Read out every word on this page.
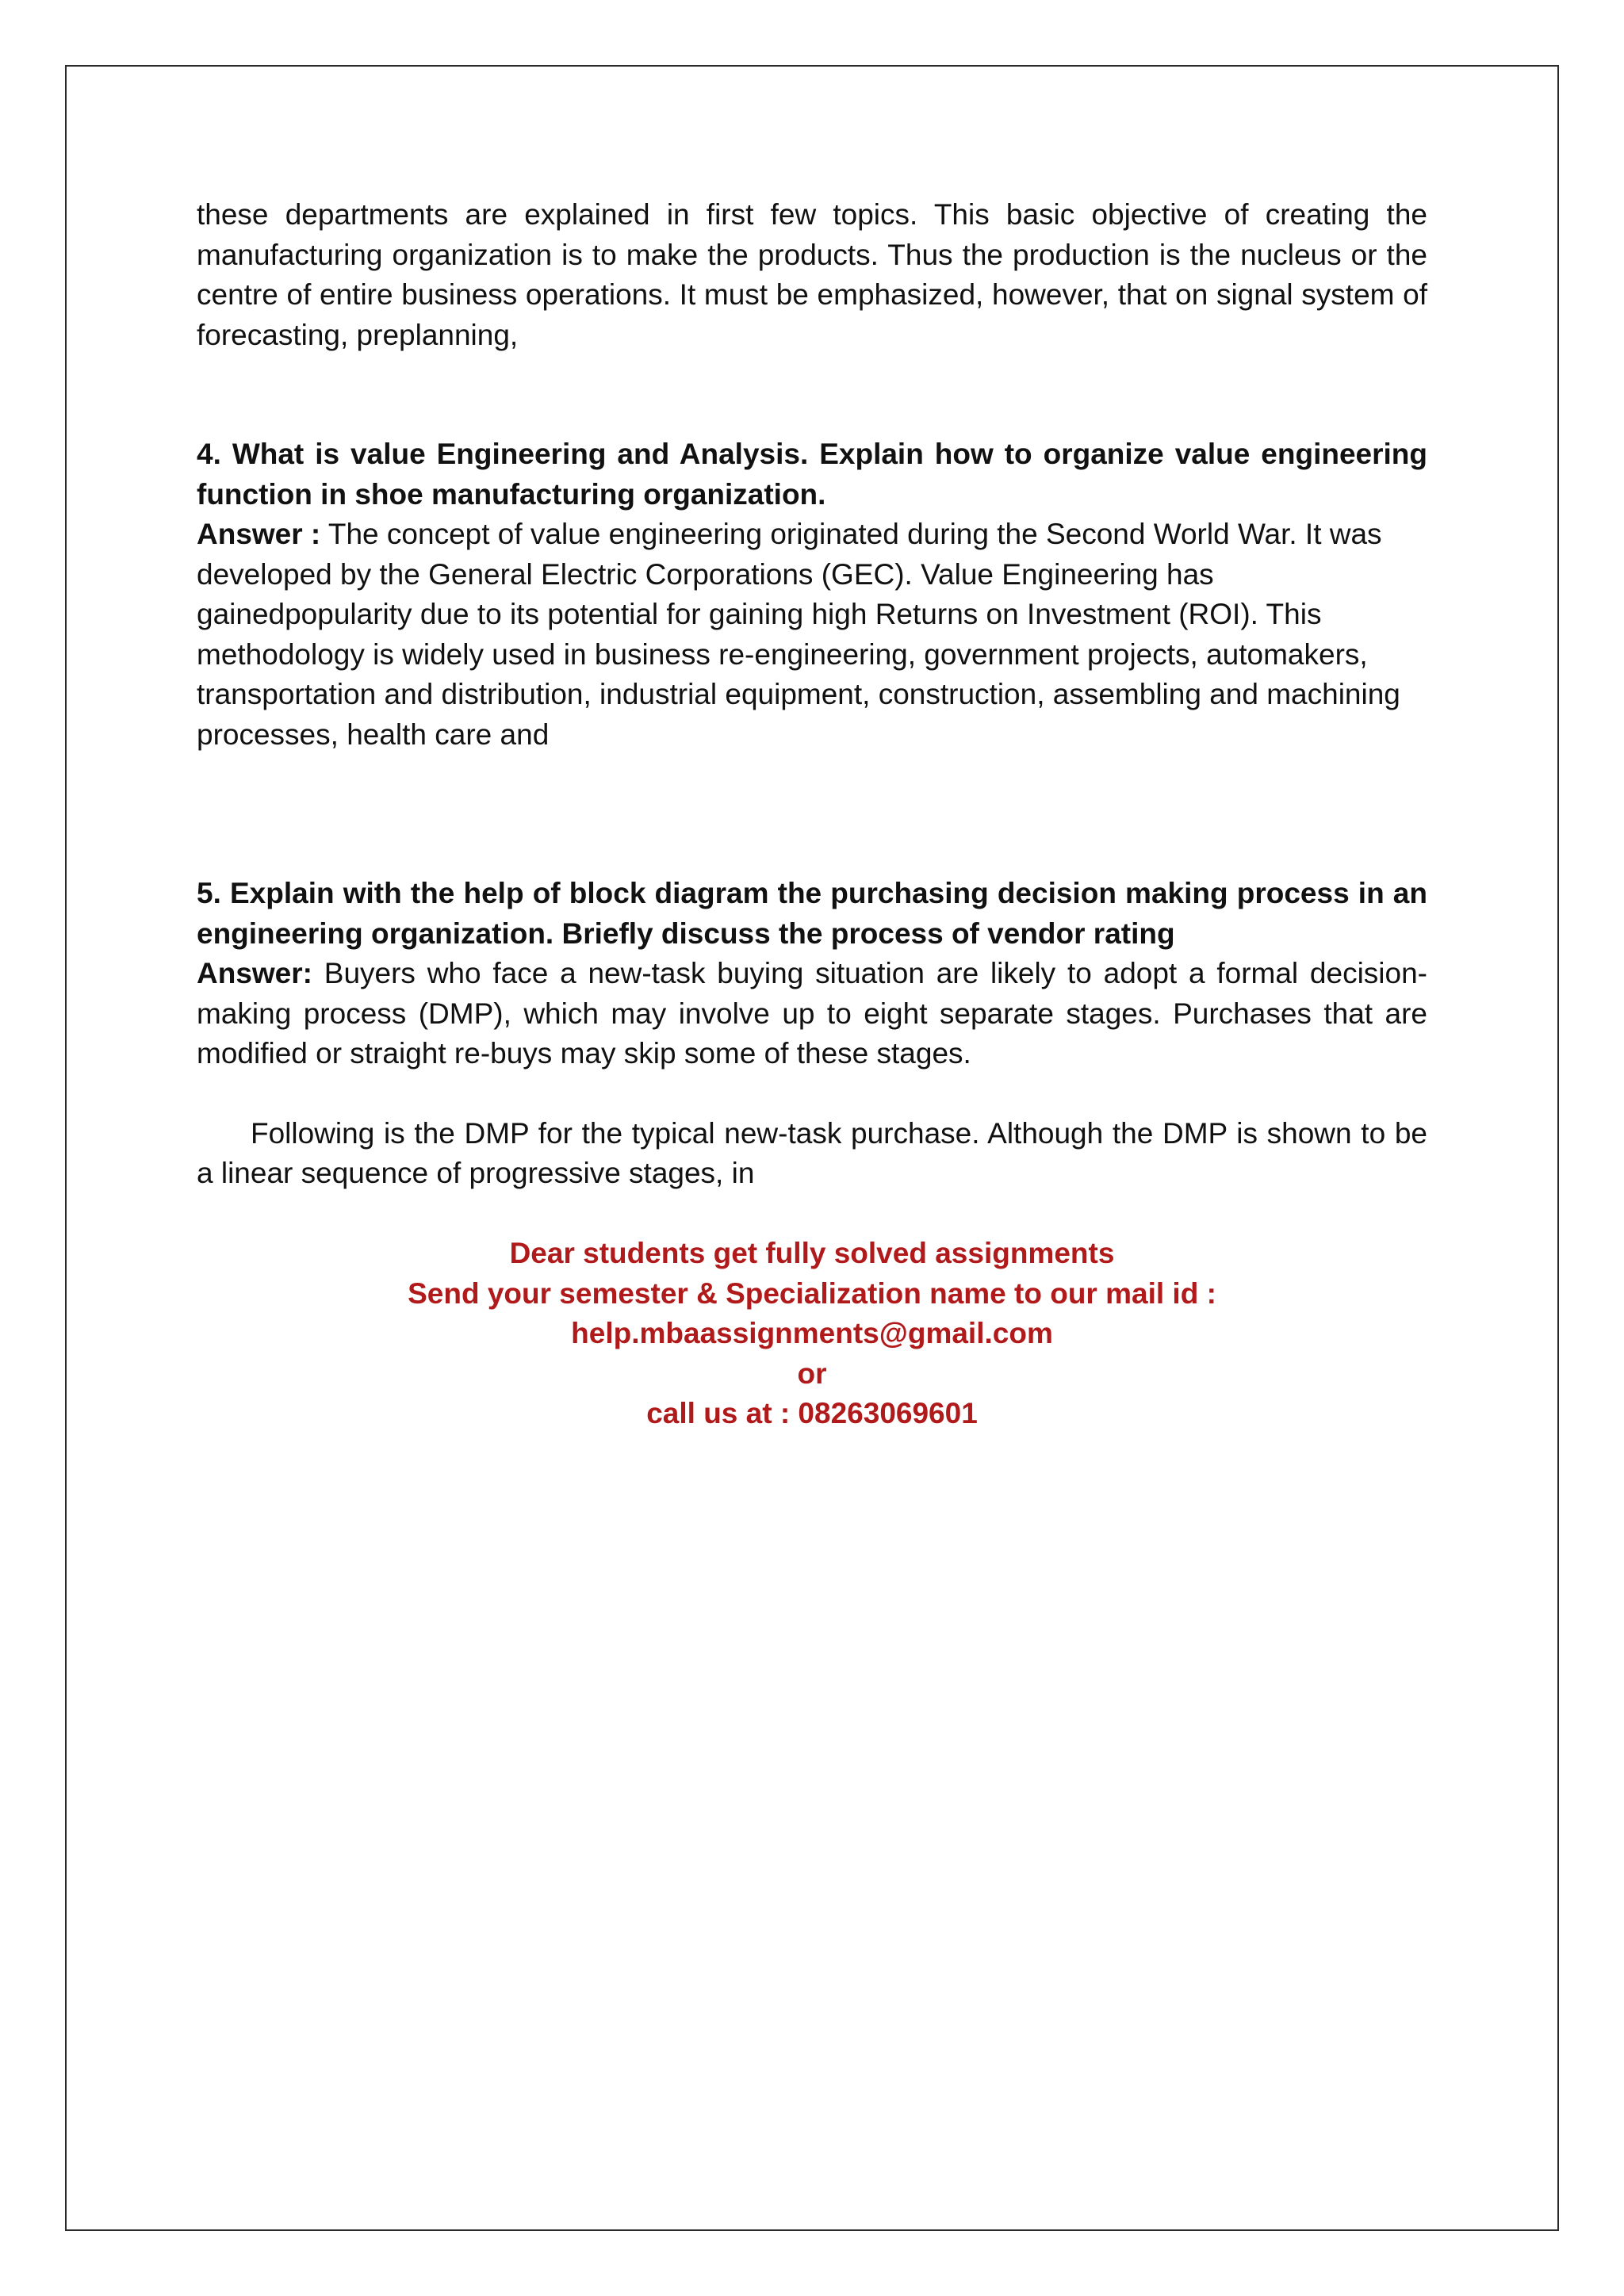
these departments are explained in first few topics. This basic objective of creating the manufacturing organization is to make the products. Thus the production is the nucleus or the centre of entire business operations. It must be emphasized, however, that on signal system of forecasting, preplanning,

4. What is value Engineering and Analysis. Explain how to organize value engineering function in shoe manufacturing organization.

Answer : The concept of value engineering originated during the Second World War. It was developed by the General Electric Corporations (GEC). Value Engineering has gainedpopularity due to its potential for gaining high Returns on Investment (ROI). This methodology is widely used in business re-engineering, government projects, automakers, transportation and distribution, industrial equipment, construction, assembling and machining processes, health care and

5. Explain with the help of block diagram the purchasing decision making process in an engineering organization. Briefly discuss the process of vendor rating

Answer: Buyers who face a new-task buying situation are likely to adopt a formal decision-making process (DMP), which may involve up to eight separate stages. Purchases that are modified or straight re-buys may skip some of these stages.

Following is the DMP for the typical new-task purchase. Although the DMP is shown to be a linear sequence of progressive stages, in

Dear students get fully solved assignments
Send your semester & Specialization name to our mail id :
help.mbaassignments@gmail.com
or
call us at : 08263069601
